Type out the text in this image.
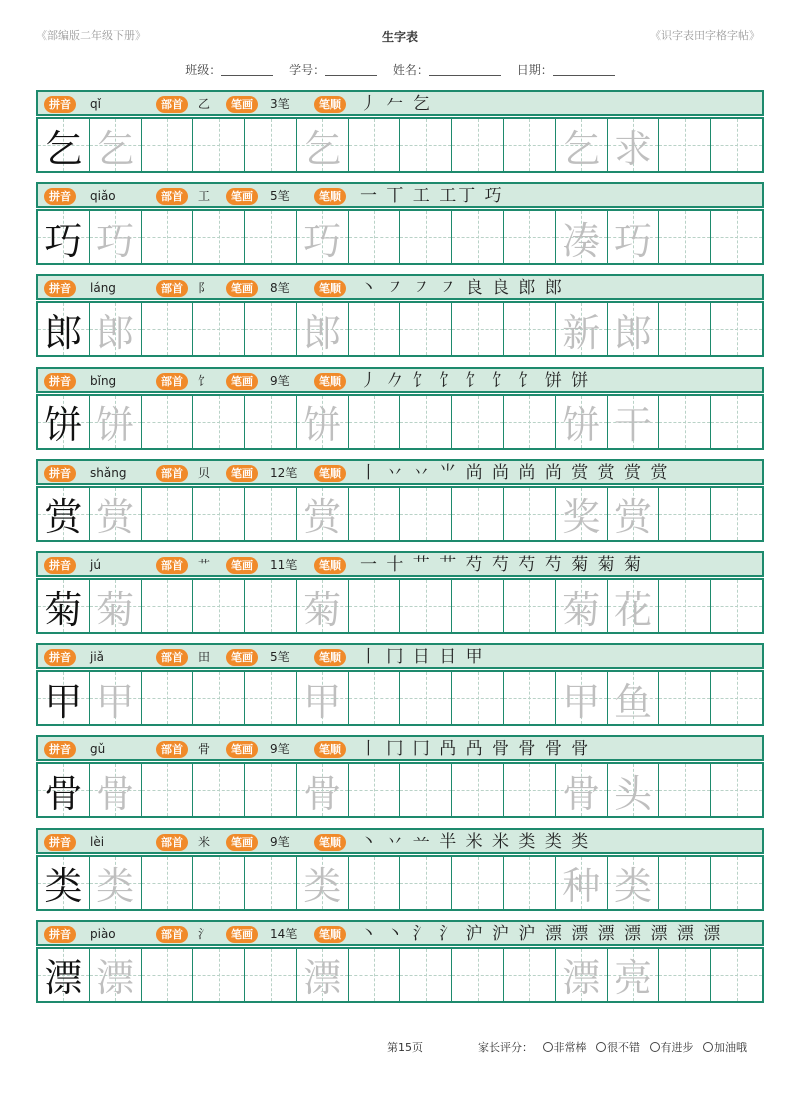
《部编版二年级下册》	生字表	《识字表田字格字帖》
班级：	学号：	姓名：	日期：
拼音	qǐ	部首	乙	笔画	3笔	笔顺 丿 𠂉 乞
乞 乞	乞	乞 求
拼音	qiǎo	部首	工	笔画	5笔	笔顺 一 丅 工 工丁 巧
巧 巧	巧	凑 巧
拼音	láng	部首	阝	笔画	8笔	笔顺 丶 ㇇ ㇇ ㇇ 良 良 郎 郎
郎 郎	郎	新 郎
拼音	bǐng	部首	饣	笔画	9笔	笔顺 丿 𠂊 饣 饣 饣 饣 饣 饼 饼
饼 饼	饼	饼 干
拼音	shǎng	部首	贝	笔画	12笔	笔顺 丨 丷 丷 ⺌ 尚 尚 尚 尚 赏 赏 赏 赏
赏 赏	赏	奖 赏
拼音	jú	部首	艹	笔画	11笔	笔顺 一 十 艹 艹 芍 芍 芍 芍 菊 菊 菊
菊 菊	菊	菊 花
拼音	jiǎ	部首	田	笔画	5笔	笔顺 丨 冂 日 日 甲
甲 甲	甲	甲 鱼
拼音	gǔ	部首	骨	笔画	9笔	笔顺 丨 冂 冂 冎 冎 骨 骨 骨 骨
骨 骨	骨	骨 头
拼音	lèi	部首	米	笔画	9笔	笔顺 丶 丷 䒑 半 米 米 类 类 类
类 类	类	种 类
拼音	piào	部首	氵	笔画	14笔	笔顺 丶 丶 氵 氵 沪 沪 沪 漂 漂 漂 漂 漂 漂 漂
漂 漂	漂	漂 亮
第15页	家长评分： 非常棒 很不错 有进步 加油哦
